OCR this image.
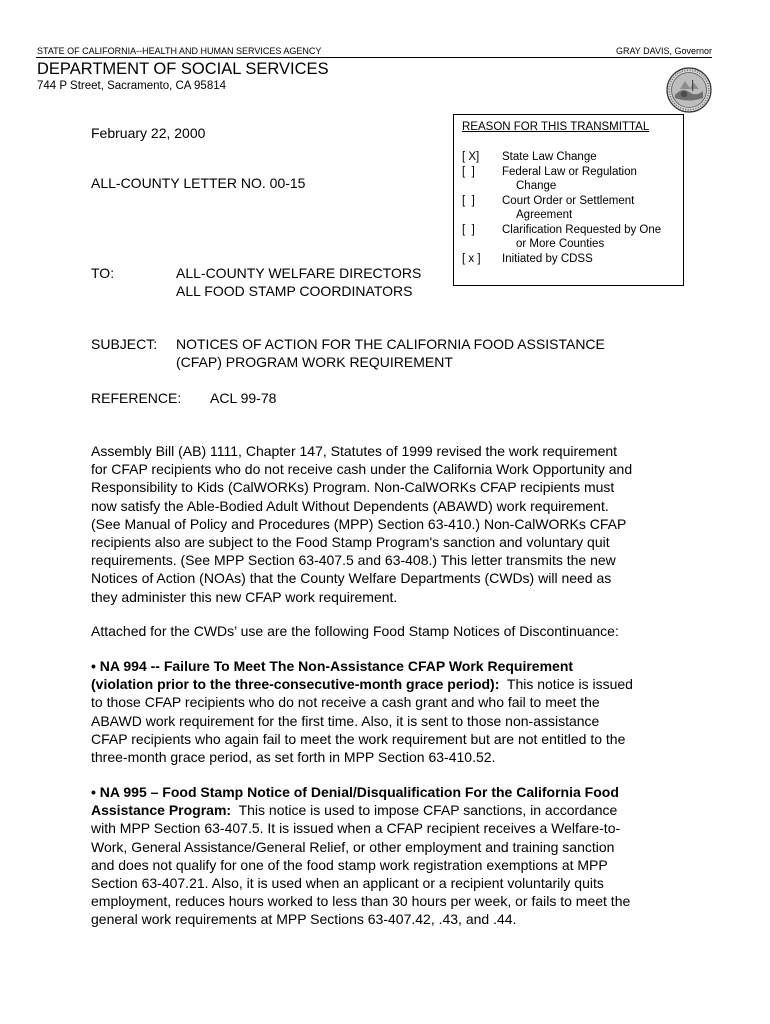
STATE OF CALIFORNIA--HEALTH AND HUMAN SERVICES AGENCY	GRAY DAVIS, Governor
DEPARTMENT OF SOCIAL SERVICES
744 P Street, Sacramento, CA 95814
February 22, 2000
ALL-COUNTY LETTER NO. 00-15
REASON FOR THIS TRANSMITTAL
[ X]	State Law Change
[  ]	Federal Law or Regulation
Change
[  ]	Court Order or Settlement
Agreement
[  ]	Clarification Requested by One
or More Counties
[ x ]	Initiated by CDSS
TO:	ALL-COUNTY WELFARE DIRECTORS
ALL FOOD STAMP COORDINATORS
SUBJECT: NOTICES OF ACTION FOR THE CALIFORNIA FOOD ASSISTANCE
(CFAP) PROGRAM WORK REQUIREMENT
REFERENCE: ACL 99-78
Assembly Bill (AB) 1111, Chapter 147, Statutes of 1999 revised the work requirement
for CFAP recipients who do not receive cash under the California Work Opportunity and
Responsibility to Kids (CalWORKs) Program. Non-CalWORKs CFAP recipients must
now satisfy the Able-Bodied Adult Without Dependents (ABAWD) work requirement.
(See Manual of Policy and Procedures (MPP) Section 63-410.) Non-CalWORKs CFAP
recipients also are subject to the Food Stamp Program's sanction and voluntary quit
requirements. (See MPP Section 63-407.5 and 63-408.) This letter transmits the new
Notices of Action (NOAs) that the County Welfare Departments (CWDs) will need as
they administer this new CFAP work requirement.
Attached for the CWDs’ use are the following Food Stamp Notices of Discontinuance:
• NA 994 -- Failure To Meet The Non-Assistance CFAP Work Requirement
(violation prior to the three-consecutive-month grace period):  This notice is issued
to those CFAP recipients who do not receive a cash grant and who fail to meet the
ABAWD work requirement for the first time. Also, it is sent to those non-assistance
CFAP recipients who again fail to meet the work requirement but are not entitled to the
three-month grace period, as set forth in MPP Section 63-410.52.
• NA 995 – Food Stamp Notice of Denial/Disqualification For the California Food
Assistance Program:  This notice is used to impose CFAP sanctions, in accordance
with MPP Section 63-407.5. It is issued when a CFAP recipient receives a Welfare-to-
Work, General Assistance/General Relief, or other employment and training sanction
and does not qualify for one of the food stamp work registration exemptions at MPP
Section 63-407.21. Also, it is used when an applicant or a recipient voluntarily quits
employment, reduces hours worked to less than 30 hours per week, or fails to meet the
general work requirements at MPP Sections 63-407.42, .43, and .44.
